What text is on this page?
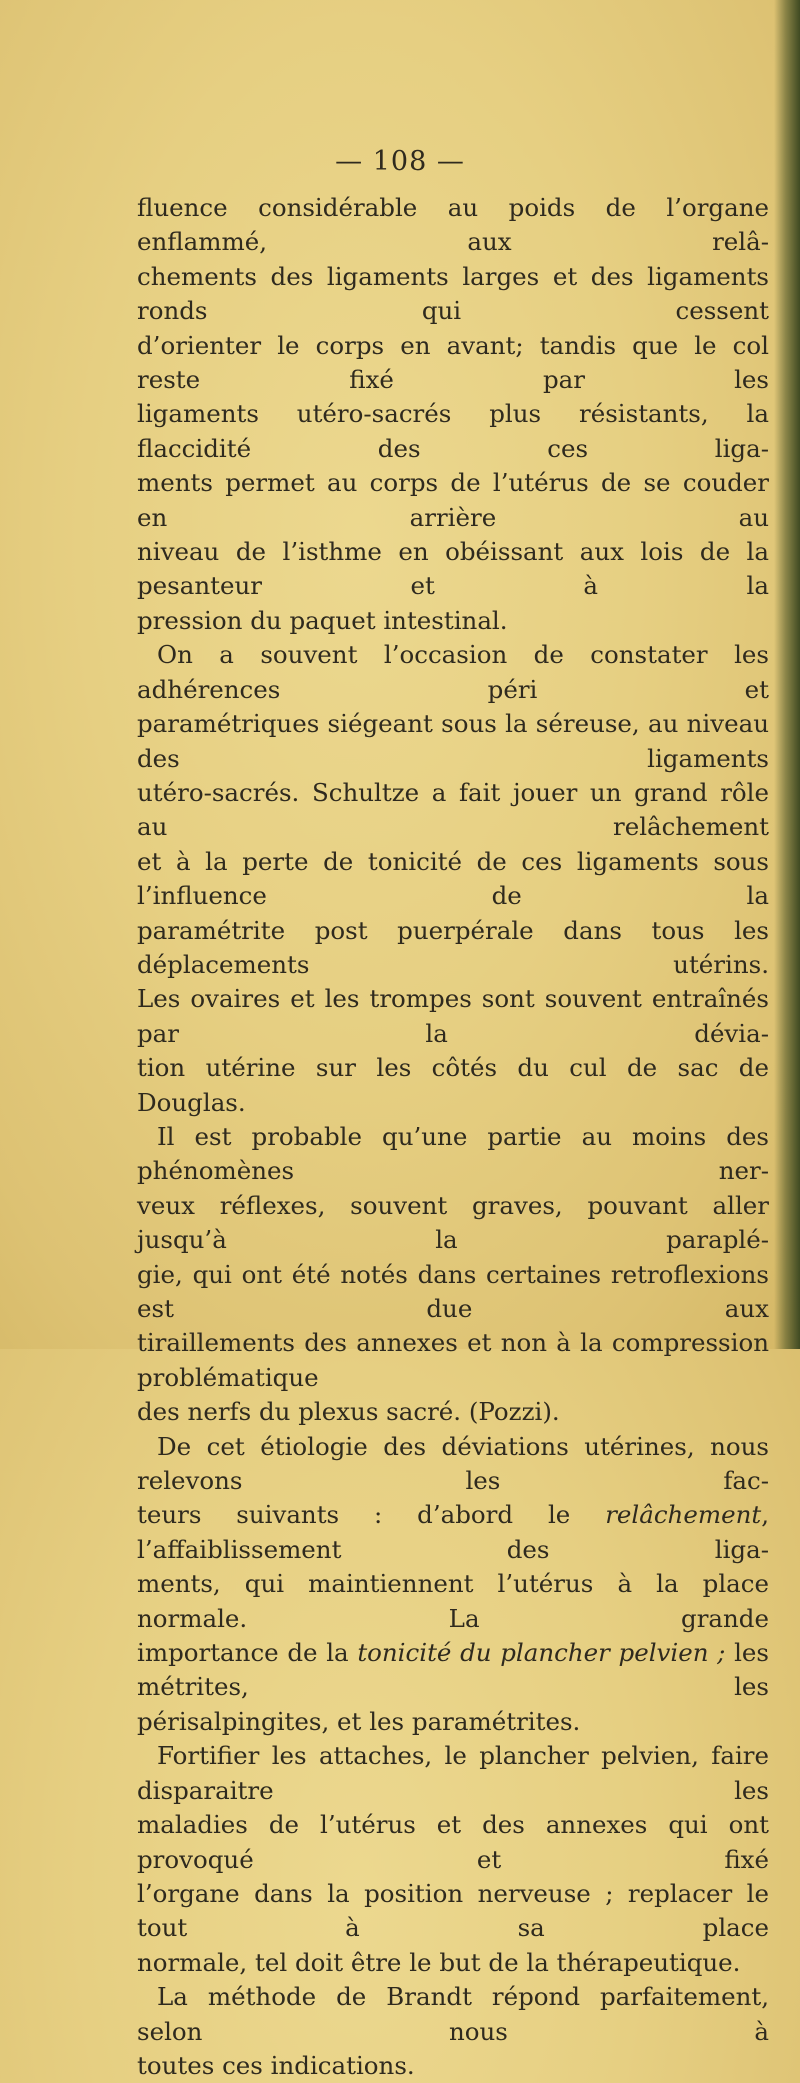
— 108 —

fluence considérable au poids de l’organe enflammé, aux relâ-

chements des ligaments larges et des ligaments ronds qui cessent

d’orienter le corps en avant; tandis que le col reste fixé par les

ligaments utéro-sacrés plus résistants, la flaccidité des ces liga-

ments permet au corps de l’utérus de se couder en arrière au

niveau de l’isthme en obéissant aux lois de la pesanteur et à la

pression du paquet intestinal.

On a souvent l’occasion de constater les adhérences péri et

paramétriques siégeant sous la séreuse, au niveau des ligaments

utéro-sacrés. Schultze a fait jouer un grand rôle au relâchement

et à la perte de tonicité de ces ligaments sous l’influence de la

paramétrite post puerpérale dans tous les déplacements utérins.

Les ovaires et les trompes sont souvent entraînés par la dévia-

tion utérine sur les côtés du cul de sac de Douglas.

Il est probable qu’une partie au moins des phénomènes ner-

veux réflexes, souvent graves, pouvant aller jusqu’à la paraplé-

gie, qui ont été notés dans certaines retroflexions est due aux

tiraillements des annexes et non à la compression problématique

des nerfs du plexus sacré. (Pozzi).

De cet étiologie des déviations utérines, nous relevons les fac-

teurs suivants : d’abord le relâchement, l’affaiblissement des liga-

ments, qui maintiennent l’utérus à la place normale. La grande

importance de la tonicité du plancher pelvien ; les métrites, les

périsalpingites, et les paramétrites.

Fortifier les attaches, le plancher pelvien, faire disparaitre les

maladies de l’utérus et des annexes qui ont provoqué et fixé

l’organe dans la position nerveuse ; replacer le tout à sa place

normale, tel doit être le but de la thérapeutique.

La méthode de Brandt répond parfaitement, selon nous à

toutes ces indications.
